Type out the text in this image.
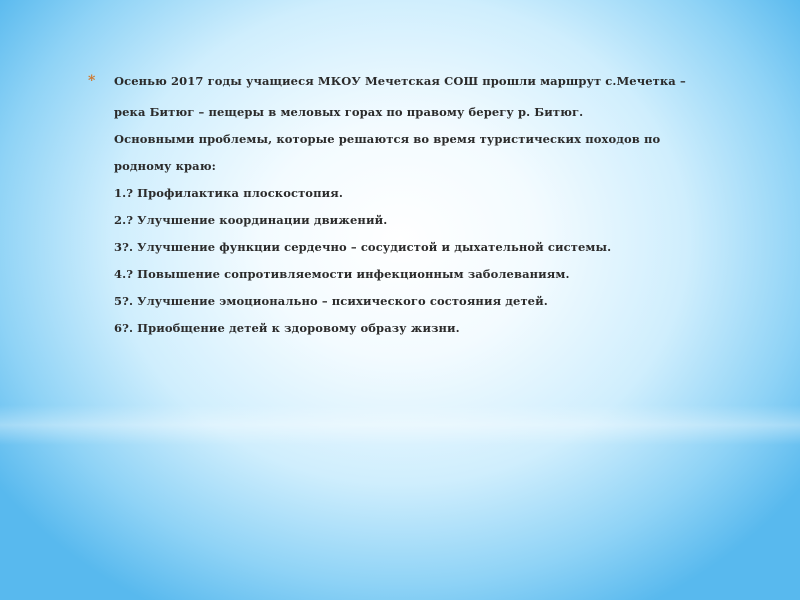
* Осенью 2017 годы учащиеся МКОУ Мечетская СОШ прошли маршрут с.Мечетка –
река Битюг – пещеры в меловых горах по правому берегу р. Битюг.
Основными проблемы, которые решаются во время туристических походов по
родному краю:
1.? Профилактика плоскостопия.
2.? Улучшение координации движений.
3?. Улучшение функции сердечно – сосудистой и дыхательной системы.
4.? Повышение сопротивляемости инфекционным заболеваниям.
5?. Улучшение эмоционально – психического состояния детей.
6?. Приобщение детей к здоровому образу жизни.
